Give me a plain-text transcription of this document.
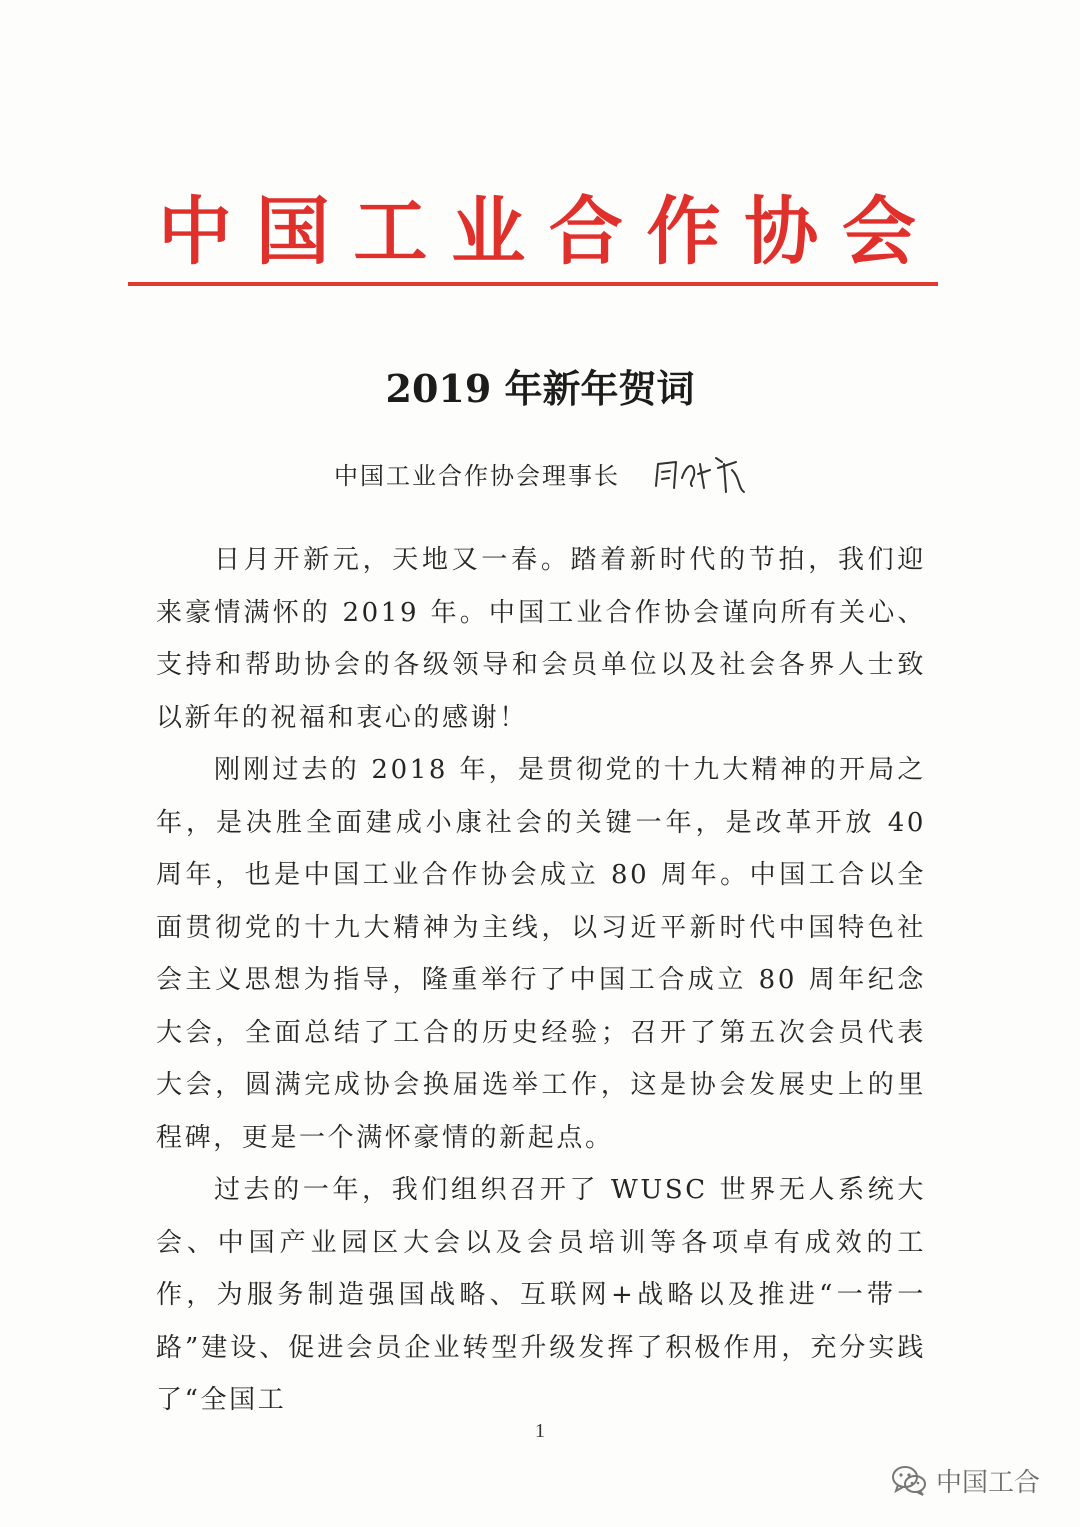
中 国 工 业 合 作 协 会
2019 年新年贺词
中国工业合作协会理事长

日月开新元，天地又一春。踏着新时代的节拍，我们迎来豪情满怀的 2019 年。中国工业合作协会谨向所有关心、支持和帮助协会的各级领导和会员单位以及社会各界人士致以新年的祝福和衷心的感谢！

刚刚过去的 2018 年，是贯彻党的十九大精神的开局之年，是决胜全面建成小康社会的关键一年，是改革开放 40 周年，也是中国工业合作协会成立 80 周年。中国工合以全面贯彻党的十九大精神为主线，以习近平新时代中国特色社会主义思想为指导，隆重举行了中国工合成立 80 周年纪念大会，全面总结了工合的历史经验；召开了第五次会员代表大会，圆满完成协会换届选举工作，这是协会发展史上的里程碑，更是一个满怀豪情的新起点。

过去的一年，我们组织召开了 WUSC 世界无人系统大会、中国产业园区大会以及会员培训等各项卓有成效的工作，为服务制造强国战略、互联网+战略以及推进“一带一路”建设、促进会员企业转型升级发挥了积极作用，充分实践了“全国工

1
中国工合
